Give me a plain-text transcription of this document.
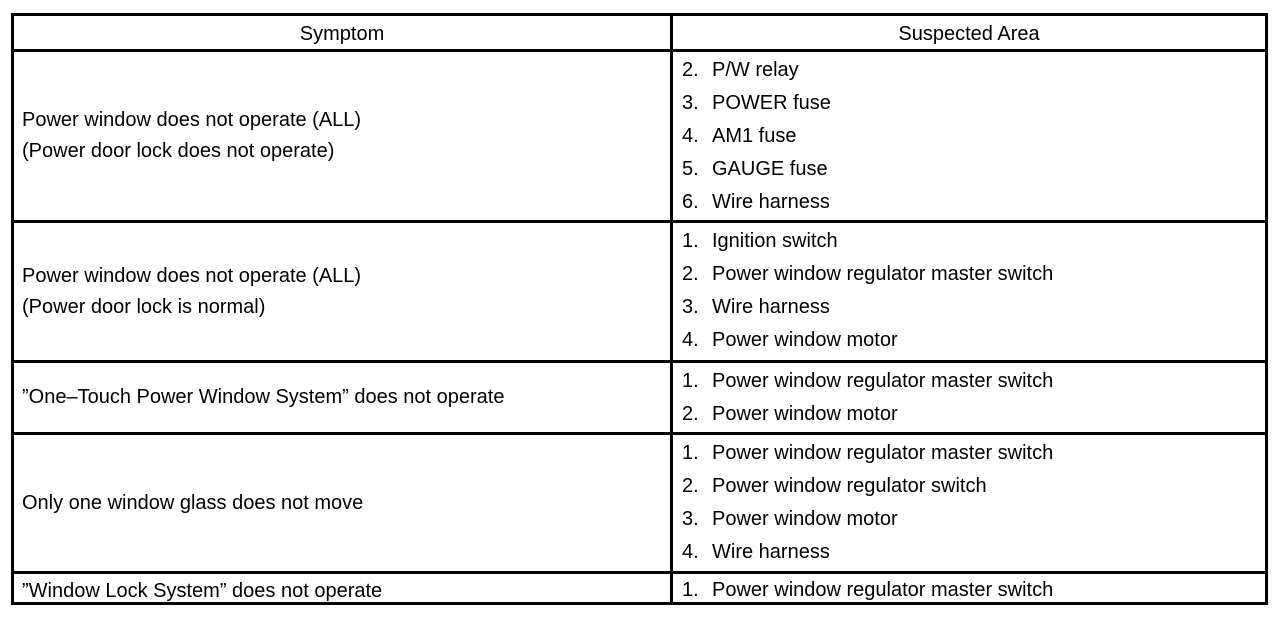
Symptom	Suspected Area
Power window does not operate (ALL)
(Power door lock does not operate)
2. P/W relay
3. POWER fuse
4. AM1 fuse
5. GAUGE fuse
6. Wire harness
Power window does not operate (ALL)
(Power door lock is normal)
1. Ignition switch
2. Power window regulator master switch
3. Wire harness
4. Power window motor
”One–Touch Power Window System” does not operate
1. Power window regulator master switch
2. Power window motor
Only one window glass does not move
1. Power window regulator master switch
2. Power window regulator switch
3. Power window motor
4. Wire harness
”Window Lock System” does not operate	1. Power window regulator master switch
